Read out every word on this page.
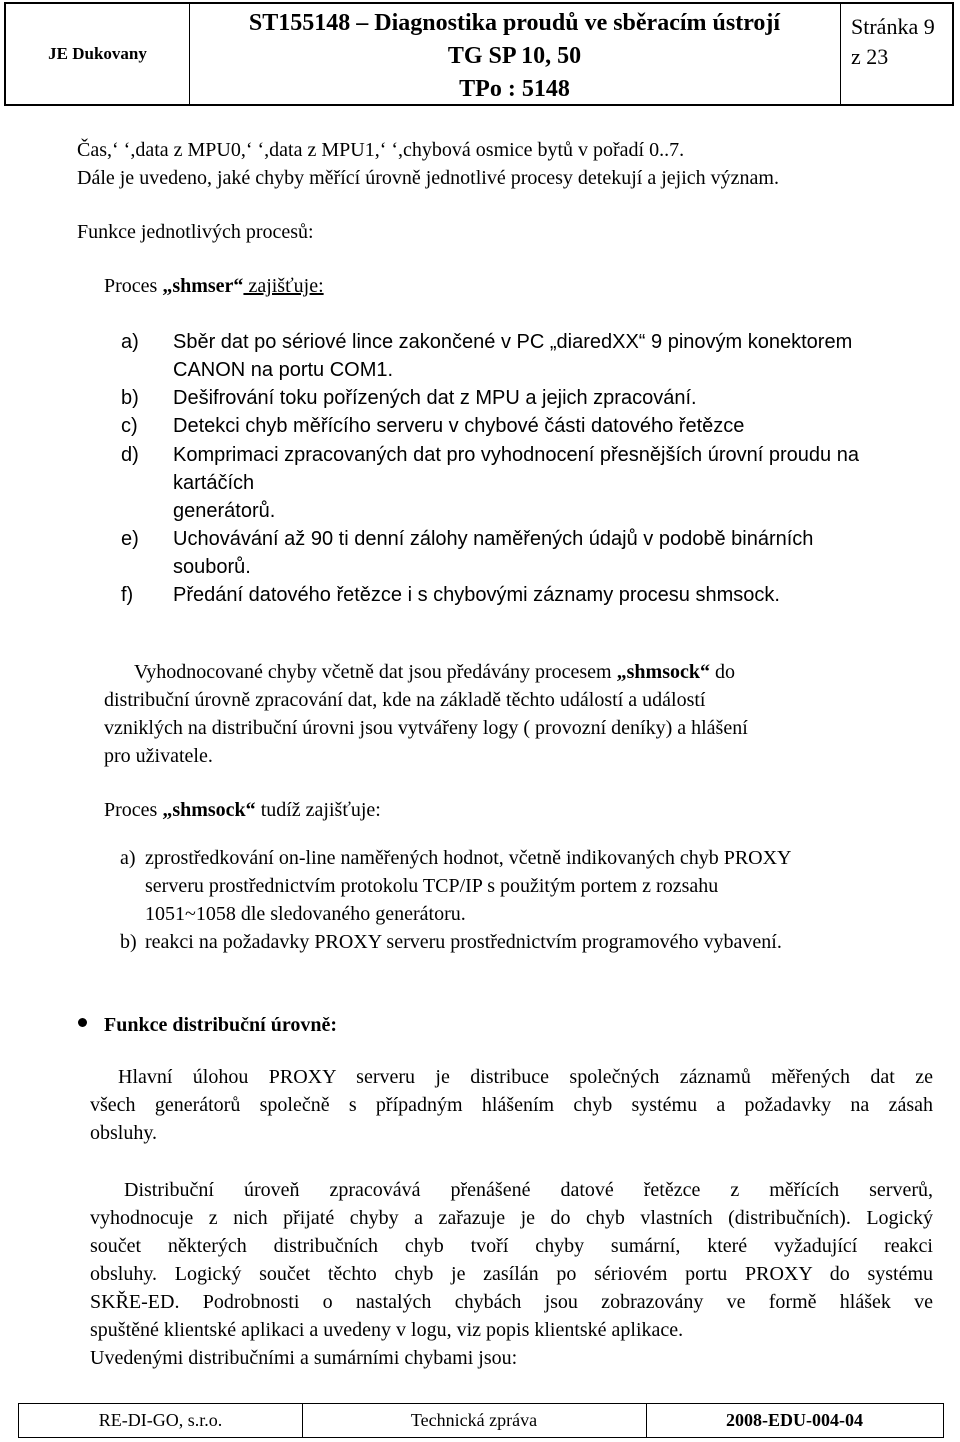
JE Dukovany
ST155148 – Diagnostika proudů ve sběracím ústrojí
TG SP 10, 50
TPo : 5148
Stránka 9
z 23
Čas,‘ ‘,data z MPU0,‘ ‘,data z MPU1,‘ ‘,chybová osmice bytů v pořadí 0..7.
Dále je uvedeno, jaké chyby měřící úrovně jednotlivé procesy detekují a jejich význam.
Funkce jednotlivých procesů:
Proces „shmser“ zajišťuje:
a) Sběr dat po sériové lince zakončené v PC „diaredXX“ 9 pinovým konektorem
CANON na portu COM1.
b) Dešifrování toku pořízených dat z MPU a jejich zpracování.
c) Detekci chyb měřícího serveru v chybové části datového řetězce
d) Komprimaci zpracovaných dat pro vyhodnocení přesnějších úrovní proudu na
kartáčích
generátorů.
e) Uchovávání až 90 ti denní zálohy naměřených údajů v podobě binárních
souborů.
f) Předání datového řetězce i s chybovými záznamy procesu shmsock.
Vyhodnocované chyby včetně dat jsou předávány procesem „shmsock“ do
distribuční úrovně zpracování dat, kde na základě těchto událostí a událostí
vzniklých na distribuční úrovni jsou vytvářeny logy ( provozní deníky) a hlášení
pro uživatele.
Proces „shmsock“ tudíž zajišťuje:
a) zprostředkování on-line naměřených hodnot, včetně indikovaných chyb PROXY
serveru prostřednictvím protokolu TCP/IP s použitým portem z rozsahu
1051~1058 dle sledovaného generátoru.
b) reakci na požadavky PROXY serveru prostřednictvím programového vybavení.
Funkce distribuční úrovně:
Hlavní úlohou PROXY serveru je distribuce společných záznamů měřených dat ze
všech generátorů společně s případným hlášením chyb systému a požadavky na zásah
obsluhy.
Distribuční úroveň zpracovává přenášené datové řetězce z měřících serverů,
vyhodnocuje z nich přijaté chyby a zařazuje je do chyb vlastních (distribučních). Logický
součet některých distribučních chyb tvoří chyby sumární, které vyžadující reakci
obsluhy. Logický součet těchto chyb je zasílán po sériovém portu PROXY do systému
SKŘE-ED. Podrobnosti o nastalých chybách jsou zobrazovány ve formě hlášek ve
spuštěné klientské aplikaci a uvedeny v logu, viz popis klientské aplikace.
Uvedenými distribučními a sumárními chybami jsou:
RE-DI-GO, s.r.o.	Technická zpráva	2008-EDU-004-04
